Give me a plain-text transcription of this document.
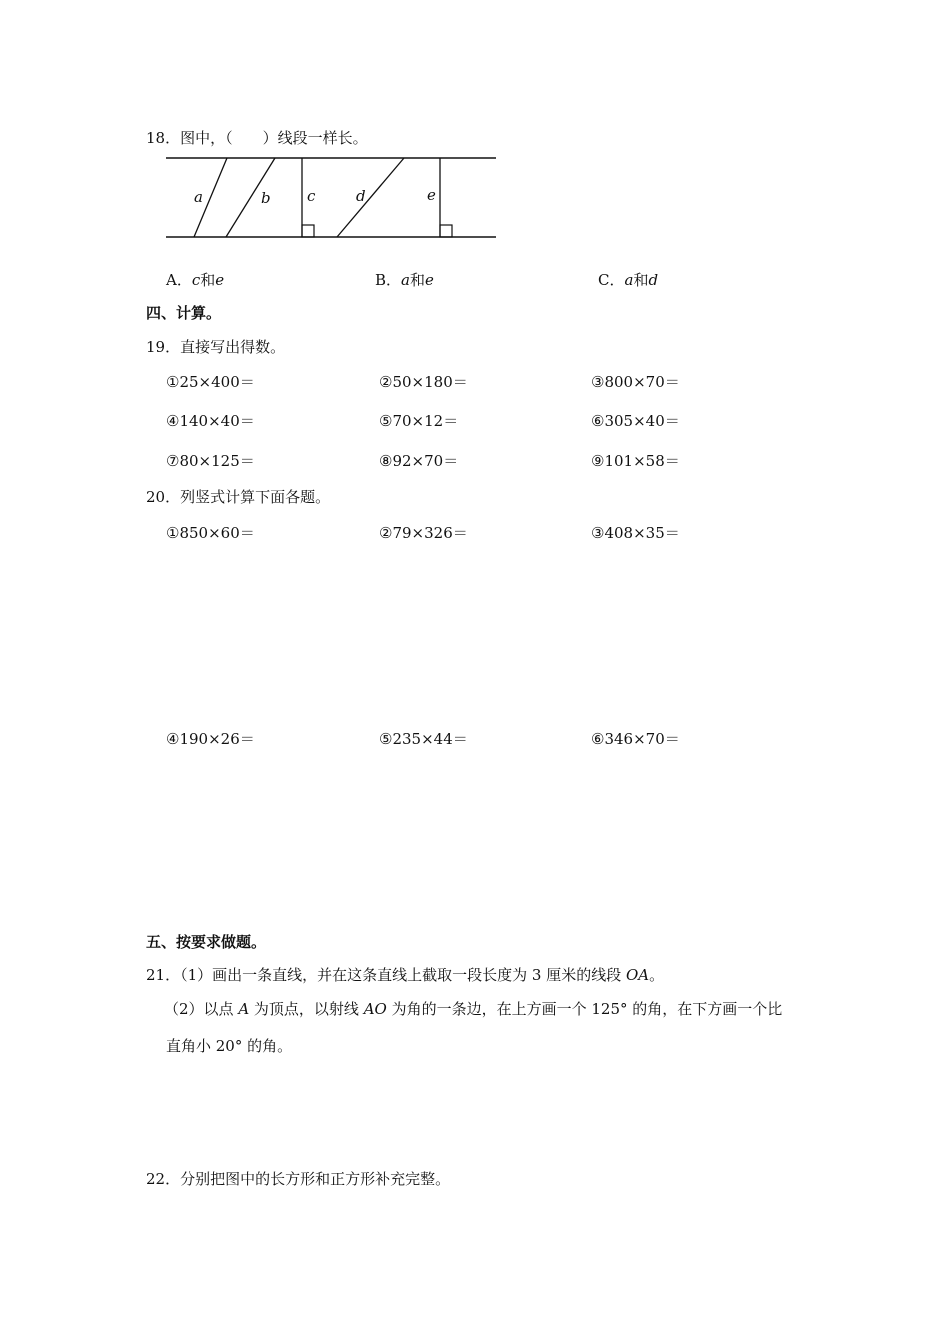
18．图中，（　　）线段一样长。
a	b c	d	e
A．c和e	B．a和e	C．a和d
四、计算。
19．直接写出得数。
①25×400＝	②50×180＝	③800×70＝
④140×40＝	⑤70×12＝	⑥305×40＝
⑦80×125＝	⑧92×70＝	⑨101×58＝
20．列竖式计算下面各题。
①850×60＝	②79×326＝	③408×35＝
④190×26＝	⑤235×44＝	⑥346×70＝
五、按要求做题。
21．（1）画出一条直线，并在这条直线上截取一段长度为 3 厘米的线段 OA。
（2）以点 A 为顶点，以射线 AO 为角的一条边，在上方画一个 125° 的角，在下方画一个比
直角小 20° 的角。
22．分别把图中的长方形和正方形补充完整。
